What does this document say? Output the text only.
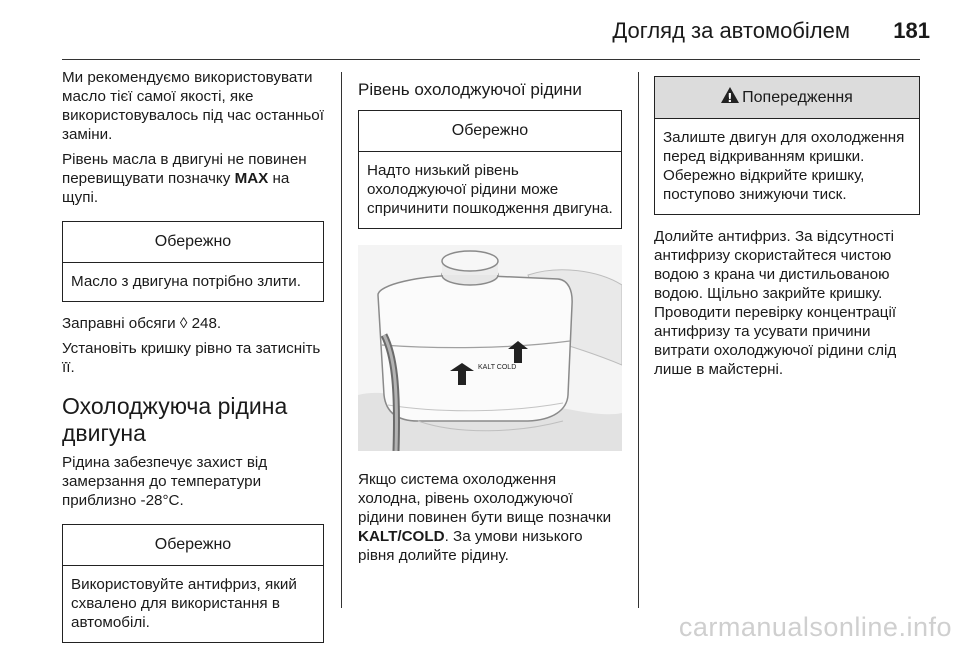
Догляд за автомобілем	181

Ми рекомендуємо використовувати масло тієї самої якості, яке використовувалось під час останньої заміни.

Рівень масла в двигуні не повинен перевищувати позначку MAX на щупі.

Обережно
Масло з двигуна потрібно злити.

Заправні обсяги ◊ 248.

Установіть кришку рівно та затисніть її.

Охолоджуюча рідина двигуна

Рідина забезпечує захист від замерзання до температури приблизно -28°C.

Обережно
Використовуйте антифриз, який схвалено для використання в автомобілі.
Рівень охолоджуючої рідини
Обережно
Надто низький рівень охолоджуючої рідини може спричинити пошкодження двигуна.
KALT COLD

Якщо система охолодження холодна, рівень охолоджуючої рідини повинен бути вище позначки KALT/COLD. За умови низького рівня долийте рідину.

!Попередження
Залиште двигун для охолодження перед відкриванням кришки. Обережно відкрийте кришку, поступово знижуючи тиск.

Долийте антифриз. За відсутності антифризу скористайтеся чистою водою з крана чи дистильованою водою. Щільно закрийте кришку. Проводити перевірку концентрації антифризу та усувати причини витрати охолоджуючої рідини слід лише в майстерні.

carmanualsonline.info
